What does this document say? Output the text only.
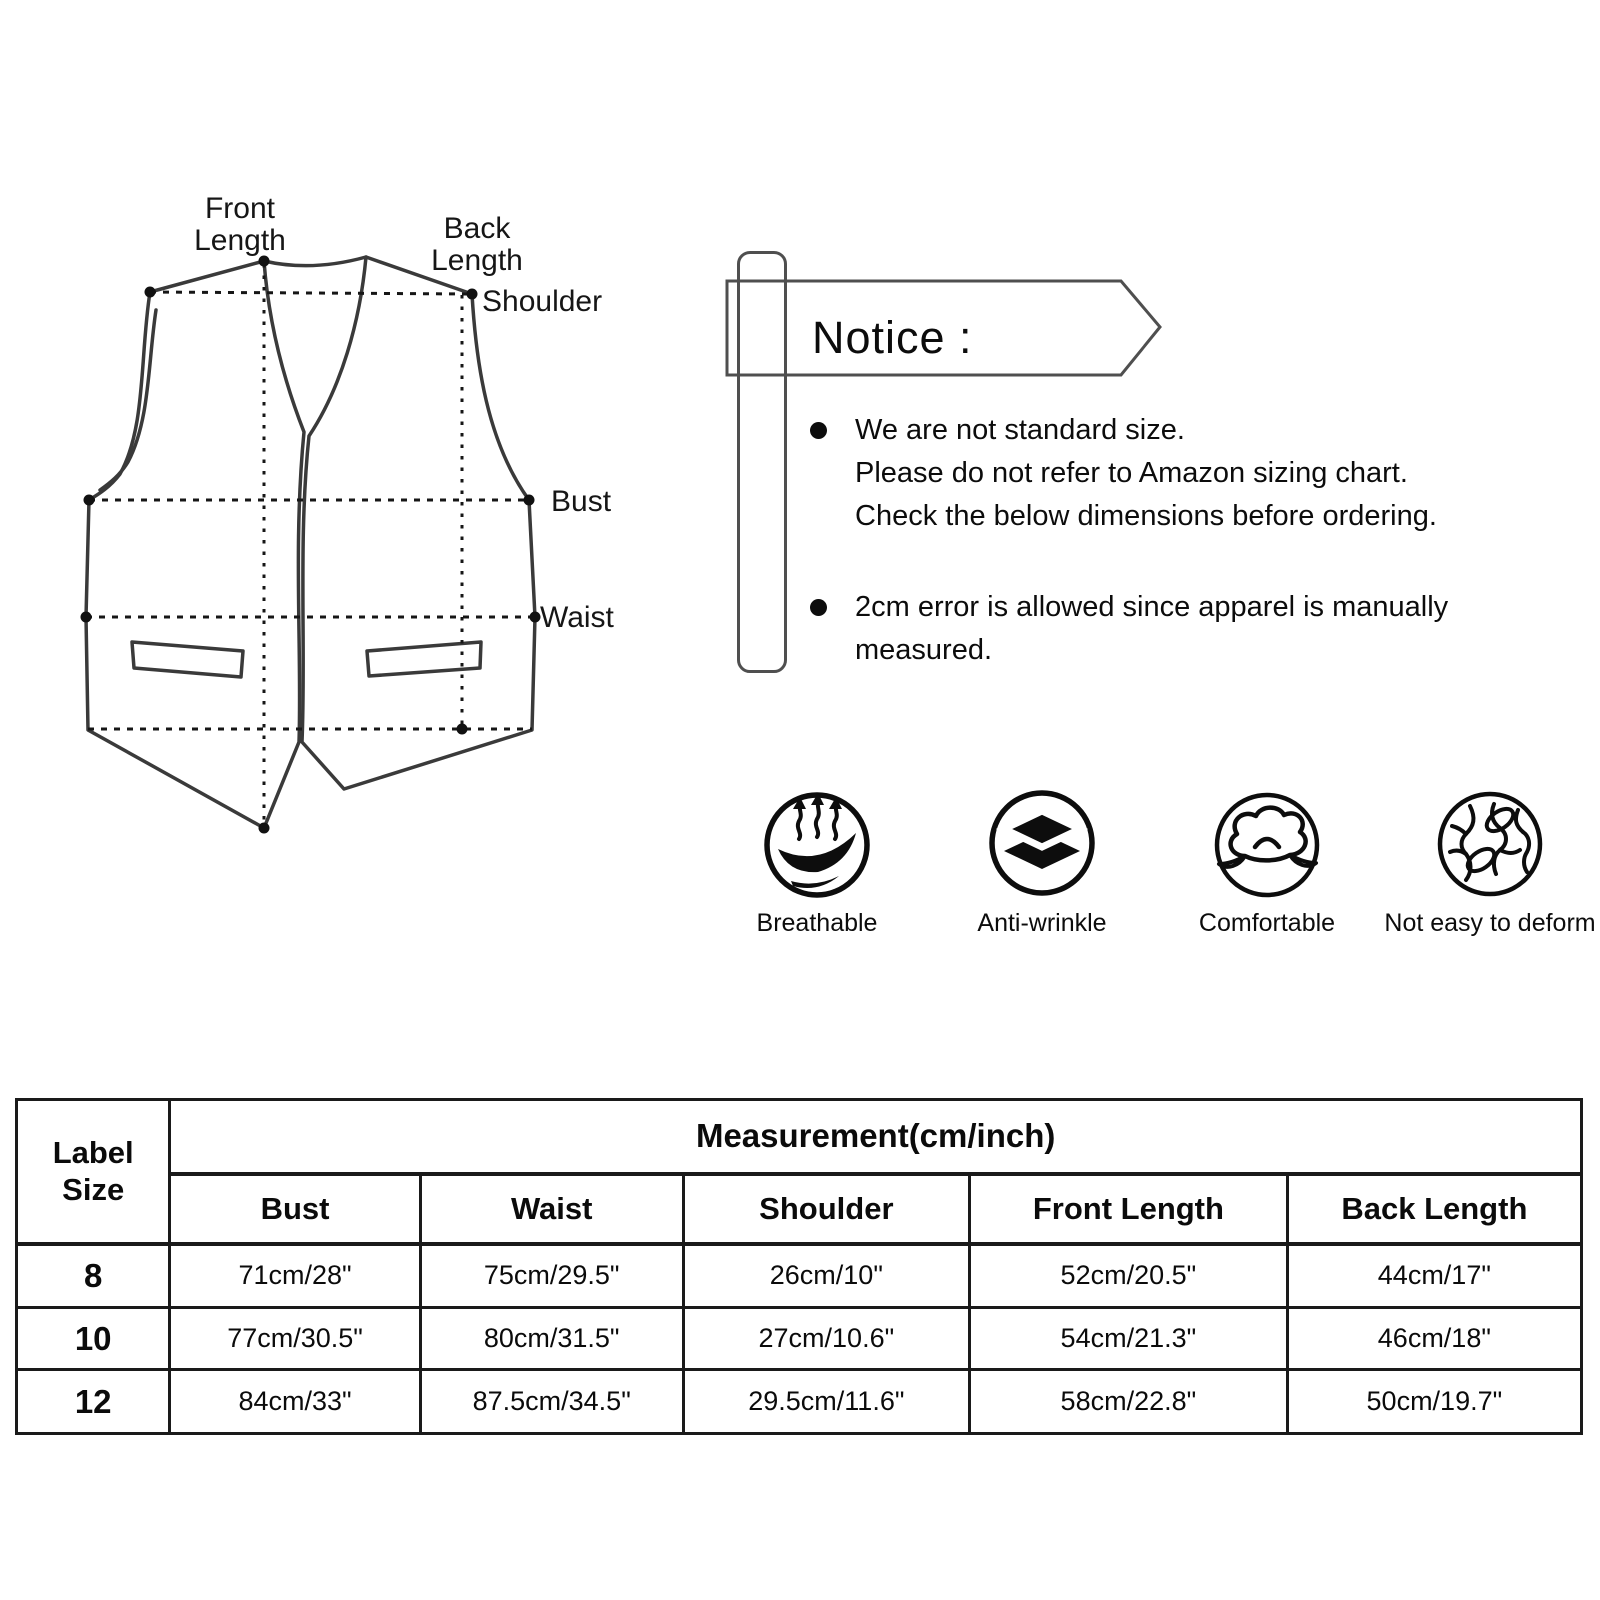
Front
Length	Back
Length
Shoulder
Bust
Waist
Notice :
We are not standard size.
Please do not refer to Amazon sizing chart.
Check the below dimensions before ordering.
2cm error is allowed since apparel is manually
measured.
Breathable	Anti-wrinkle	Comfortable	Not easy to deform
Label
Size	Measurement(cm/inch)				
	Bust	Waist	Shoulder	Front Length	Back Length
8	71cm/28"	75cm/29.5"	26cm/10"	52cm/20.5"	44cm/17"
10	77cm/30.5"	80cm/31.5"	27cm/10.6"	54cm/21.3"	46cm/18"
12	84cm/33"	87.5cm/34.5"	29.5cm/11.6"	58cm/22.8"	50cm/19.7"
